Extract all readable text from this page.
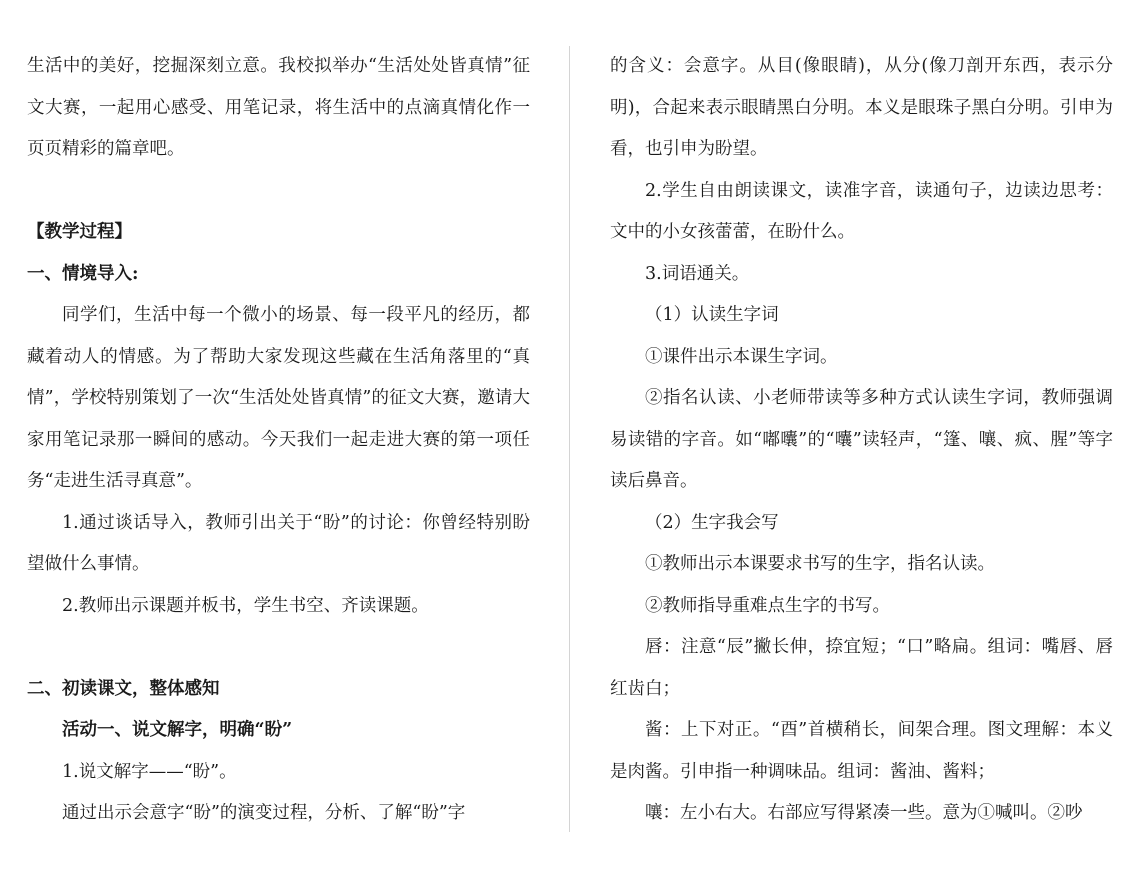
生活中的美好，挖掘深刻立意。我校拟举办“生活处处皆真情”征文大赛，一起用心感受、用笔记录，将生活中的点滴真情化作一页页精彩的篇章吧。

【教学过程】

一、情境导入:

同学们，生活中每一个微小的场景、每一段平凡的经历，都藏着动人的情感。为了帮助大家发现这些藏在生活角落里的“真情”，学校特别策划了一次“生活处处皆真情”的征文大赛，邀请大家用笔记录那一瞬间的感动。今天我们一起走进大赛的第一项任务“走进生活寻真意”。

1.通过谈话导入，教师引出关于“盼”的讨论：你曾经特别盼望做什么事情。

2.教师出示课题并板书，学生书空、齐读课题。

二、初读课文，整体感知

活动一、说文解字，明确“盼”

1.说文解字——“盼”。

通过出示会意字“盼”的演变过程，分析、了解“盼”字

的含义：会意字。从目(像眼睛)，从分(像刀剖开东西，表示分明)，合起来表示眼睛黑白分明。本义是眼珠子黑白分明。引申为看，也引申为盼望。

2.学生自由朗读课文，读准字音，读通句子，边读边思考：文中的小女孩蕾蕾，在盼什么。

3.词语通关。

（1）认读生字词

①课件出示本课生字词。

②指名认读、小老师带读等多种方式认读生字词，教师强调易读错的字音。如“嘟囔”的“囔”读轻声，“篷、嚷、疯、腥”等字读后鼻音。

（2）生字我会写

①教师出示本课要求书写的生字，指名认读。

②教师指导重难点生字的书写。

唇：注意“辰”撇长伸，捺宜短；“口”略扁。组词：嘴唇、唇红齿白；

酱：上下对正。“酉”首横稍长，间架合理。图文理解：本义是肉酱。引申指一种调味品。组词：酱油、酱料；

嚷：左小右大。右部应写得紧凑一些。意为①喊叫。②吵
